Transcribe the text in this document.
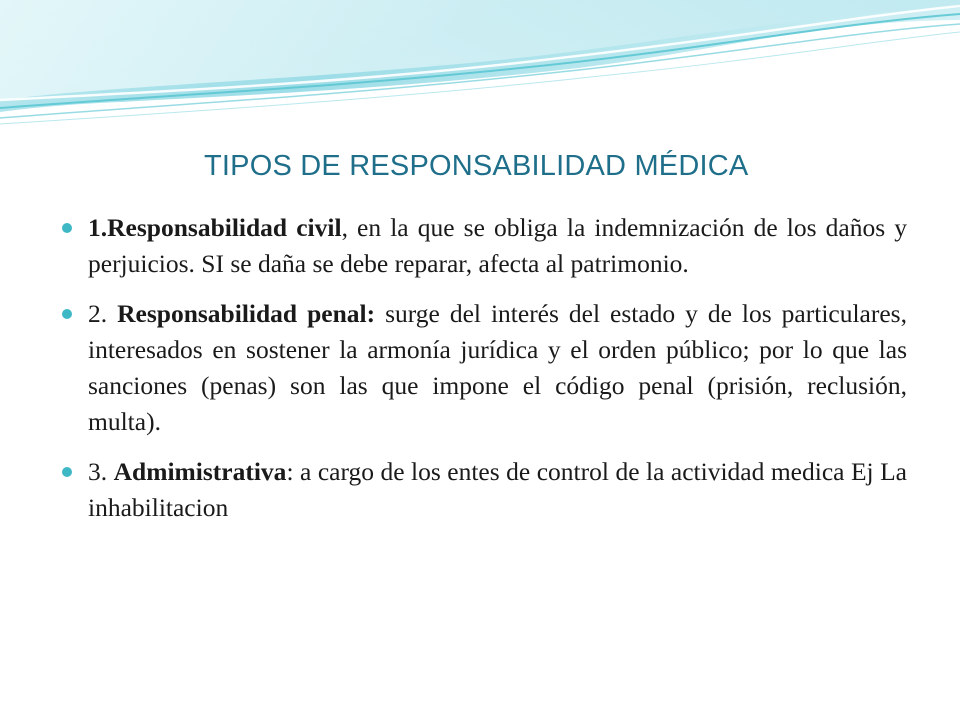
TIPOS DE RESPONSABILIDAD MÉDICA
1.Responsabilidad civil, en la que se obliga la indemnización de los daños y perjuicios. SI se daña se debe reparar, afecta al patrimonio.
2. Responsabilidad penal: surge del interés del estado y de los particulares, interesados en sostener la armonía jurídica y el orden público; por lo que las sanciones (penas) son las que impone el código penal (prisión, reclusión, multa).
3. Admimistrativa: a cargo de los entes de control de la actividad medica Ej La inhabilitacion
